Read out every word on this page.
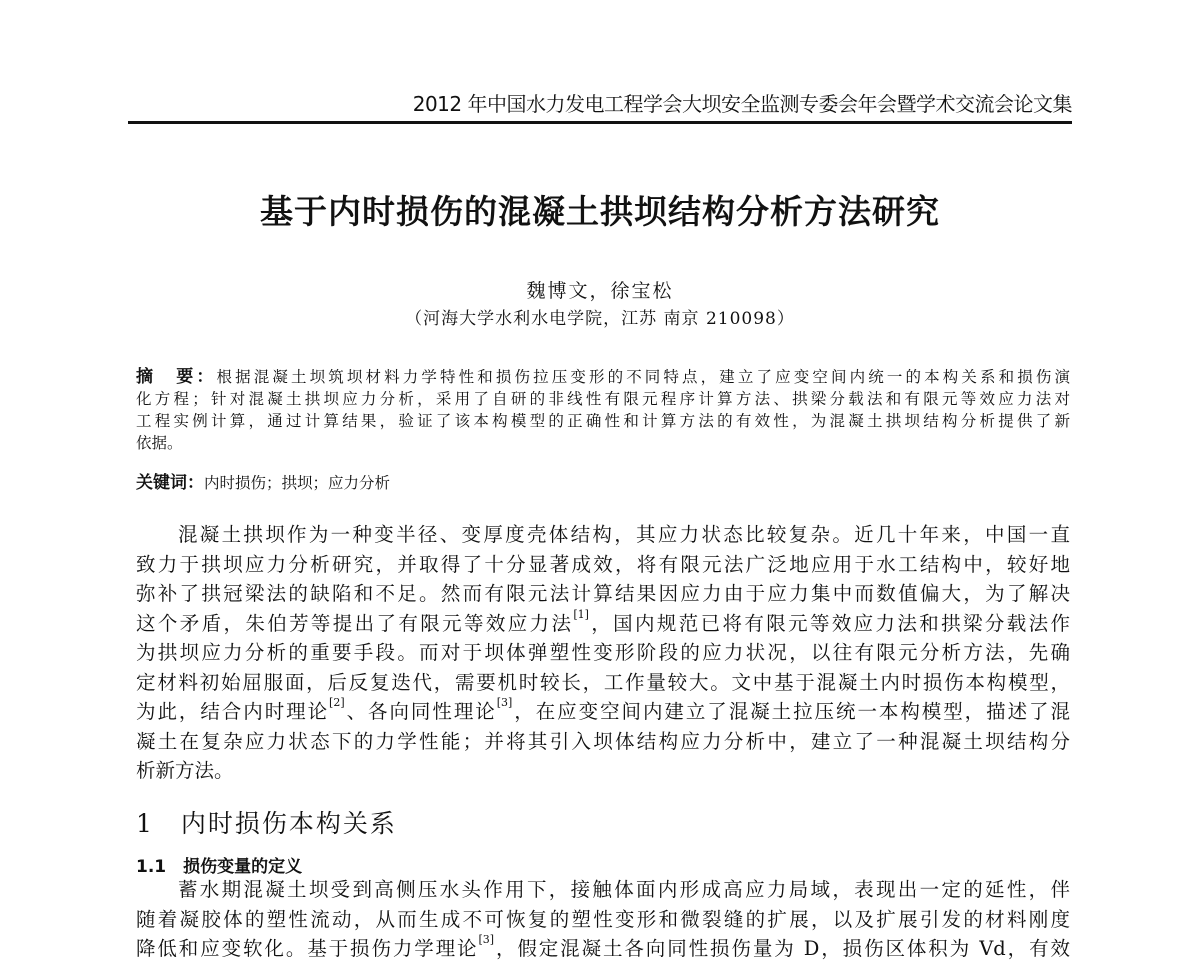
2012 年中国水力发电工程学会大坝安全监测专委会年会暨学术交流会论文集
基于内时损伤的混凝土拱坝结构分析方法研究
魏博文，徐宝松
（河海大学水利水电学院，江苏 南京 210098）
摘　要：根据混凝土坝筑坝材料力学特性和损伤拉压变形的不同特点，建立了应变空间内统一的本构关系和损伤演
化方程；针对混凝土拱坝应力分析，采用了自研的非线性有限元程序计算方法、拱梁分载法和有限元等效应力法对
工程实例计算，通过计算结果，验证了该本构模型的正确性和计算方法的有效性，为混凝土拱坝结构分析提供了新
依据。
关键词：内时损伤；拱坝；应力分析
混凝土拱坝作为一种变半径、变厚度壳体结构，其应力状态比较复杂。近几十年来，中国一直
致力于拱坝应力分析研究，并取得了十分显著成效，将有限元法广泛地应用于水工结构中，较好地
弥补了拱冠梁法的缺陷和不足。然而有限元法计算结果因应力由于应力集中而数值偏大，为了解决
这个矛盾，朱伯芳等提出了有限元等效应力法[1]，国内规范已将有限元等效应力法和拱梁分载法作
为拱坝应力分析的重要手段。而对于坝体弹塑性变形阶段的应力状况，以往有限元分析方法，先确
定材料初始屈服面，后反复迭代，需要机时较长，工作量较大。文中基于混凝土内时损伤本构模型，
为此，结合内时理论[2]、各向同性理论[3]，在应变空间内建立了混凝土拉压统一本构模型，描述了混
凝土在复杂应力状态下的力学性能；并将其引入坝体结构应力分析中，建立了一种混凝土坝结构分
析新方法。
1　内时损伤本构关系
1.1　损伤变量的定义
蓄水期混凝土坝受到高侧压水头作用下，接触体面内形成高应力局域，表现出一定的延性，伴
随着凝胶体的塑性流动，从而生成不可恢复的塑性变形和微裂缝的扩展，以及扩展引发的材料刚度
降低和应变软化。基于损伤力学理论[3]，假定混凝土各向同性损伤量为 D，损伤区体积为 Vd，有效
